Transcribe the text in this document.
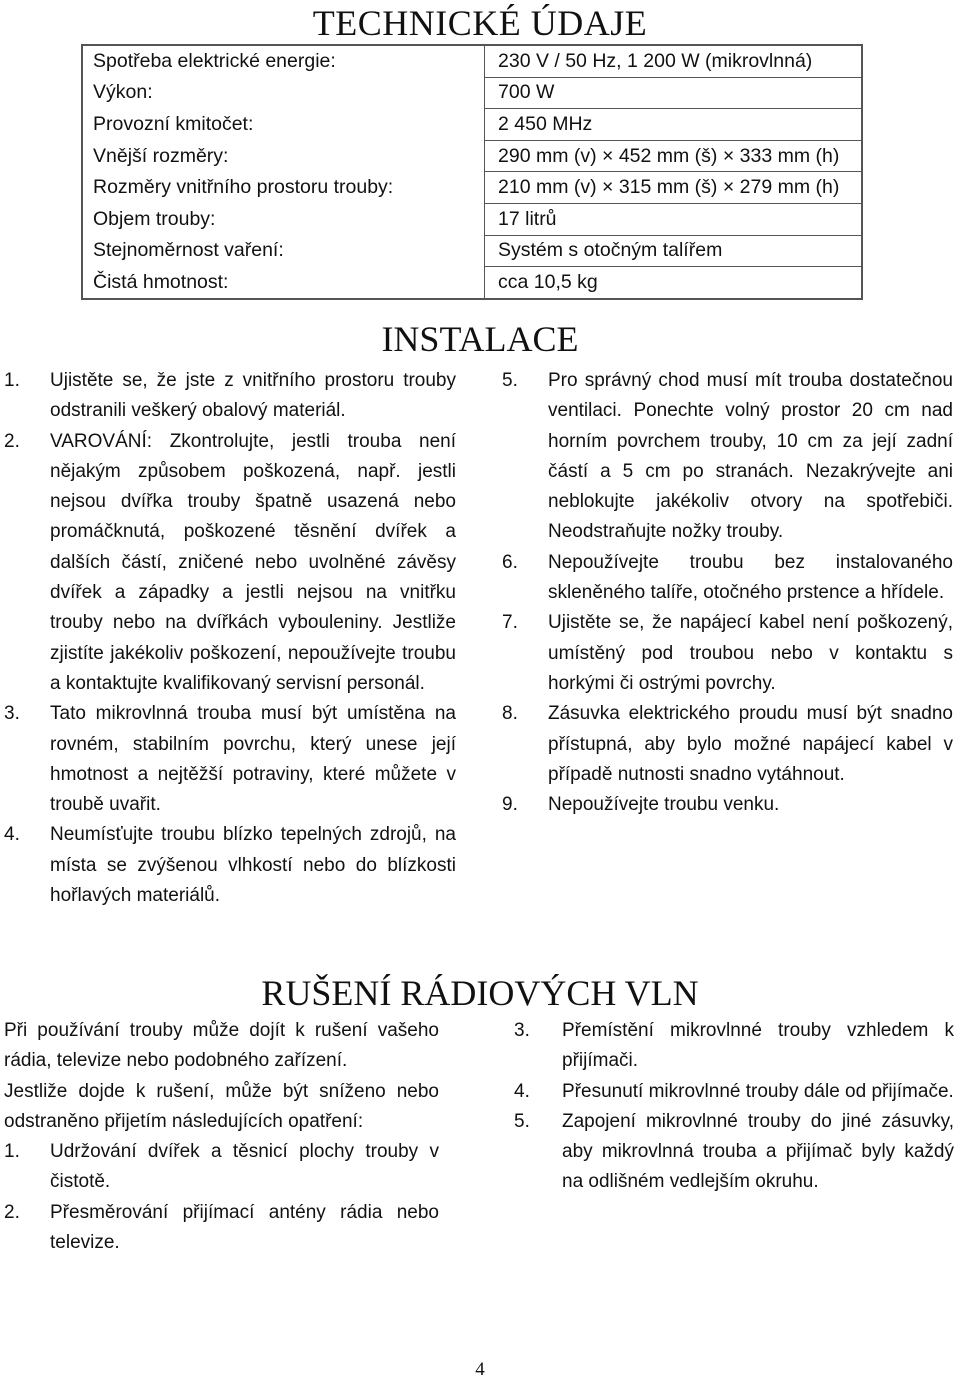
TECHNICKÉ ÚDAJE
Spotřeba elektrické energie:	230 V / 50 Hz, 1 200 W (mikrovlnná)
Výkon:	700 W
Provozní kmitočet:	2 450 MHz
Vnější rozměry:	290 mm (v) × 452 mm (š) × 333 mm (h)
Rozměry vnitřního prostoru trouby:	210 mm (v) × 315 mm (š) × 279 mm (h)
Objem trouby:	17 litrů
Stejnoměrnost vaření:	Systém s otočným talířem
Čistá hmotnost:	cca 10,5 kg
INSTALACE

1. Ujistěte se, že jste z vnitřního prostoru trouby odstranili veškerý obalový materiál.

2. VAROVÁNÍ: Zkontrolujte, jestli trouba není nějakým způsobem poškozená, např. jestli nejsou dvířka trouby špatně usazená nebo promáčknutá, poškozené těsnění dvířek a dalších částí, zničené nebo uvolněné závěsy dvířek a západky a jestli nejsou na vnitřku trouby nebo na dvířkách vybouleniny. Jestliže zjistíte jakékoliv poškození, nepoužívejte troubu a kontaktujte kvalifikovaný servisní personál.

3. Tato mikrovlnná trouba musí být umístěna na rovném, stabilním povrchu, který unese její hmotnost a nejtěžší potraviny, které můžete v troubě uvařit.

4. Neumísťujte troubu blízko tepelných zdrojů, na místa se zvýšenou vlhkostí nebo do blízkosti hořlavých materiálů.

5. Pro správný chod musí mít trouba dostatečnou ventilaci. Ponechte volný prostor 20 cm nad horním povrchem trouby, 10 cm za její zadní částí a 5 cm po stranách. Nezakrývejte ani neblokujte jakékoliv otvory na spotřebiči. Neodstraňujte nožky trouby.

6. Nepoužívejte troubu bez instalovaného skleněného talíře, otočného prstence a hřídele.

7. Ujistěte se, že napájecí kabel není poškozený, umístěný pod troubou nebo v kontaktu s horkými či ostrými povrchy.

8. Zásuvka elektrického proudu musí být snadno přístupná, aby bylo možné napájecí kabel v případě nutnosti snadno vytáhnout.

9. Nepoužívejte troubu venku.

RUŠENÍ RÁDIOVÝCH VLN

Při používání trouby může dojít k rušení vašeho rádia, televize nebo podobného zařízení.

Jestliže dojde k rušení, může být sníženo nebo odstraněno přijetím následujících opatření:

1. Udržování dvířek a těsnicí plochy trouby v čistotě.

2. Přesměrování přijímací antény rádia nebo televize.

3. Přemístění mikrovlnné trouby vzhledem k přijímači.

4. Přesunutí mikrovlnné trouby dále od přijímače.

5. Zapojení mikrovlnné trouby do jiné zásuvky, aby mikrovlnná trouba a přijímač byly každý na odlišném vedlejším okruhu.

4
